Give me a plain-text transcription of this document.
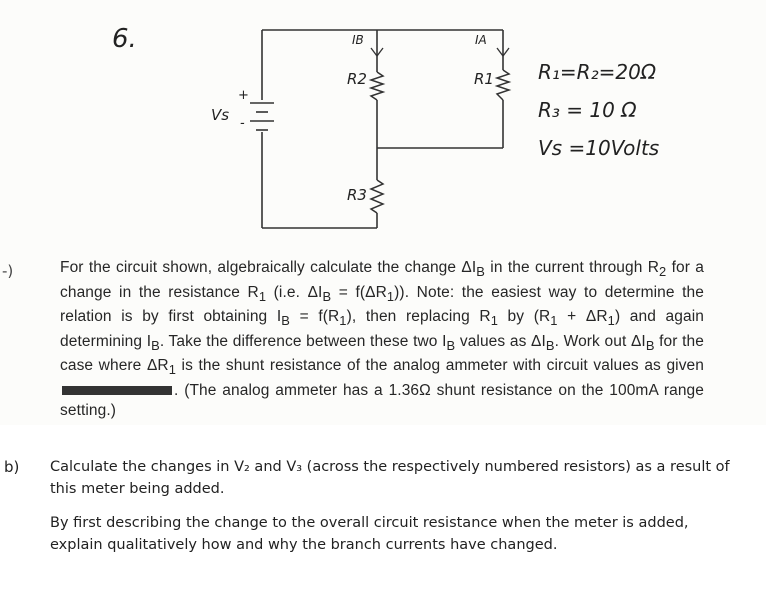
6.	IB	IA
R2	R1
R3
Vs
+
-
R₁=R₂=20Ω
R₃ = 10 Ω
Vs =10Volts
-)	For the circuit shown, algebraically calculate the change $\Delta I_B$ in the current through $R_2$ for a change in the resistance $R_1$ (i.e. $\Delta I_B = f(\Delta R_1)$). Note: the easiest way to determine the relation is by first obtaining $I_B = f(R_1)$, then replacing $R_1$ by $(R_1 + \Delta R_1)$ and again determining $I_B$. Take the difference between these two $I_B$ values as $\Delta I_B$. Work out $\Delta I_B$ for the case where $\Delta R_1$ is the shunt resistance of the analog ammeter with circuit values as given. (The analog ammeter has a 1.36Ω shunt resistance on the 100mA range setting.)
b) Calculate the changes in V₂ and V₃ (across the respectively numbered resistors) as a result of this meter being added.

By first describing the change to the overall circuit resistance when the meter is added, explain qualitatively how and why the branch currents have changed.
